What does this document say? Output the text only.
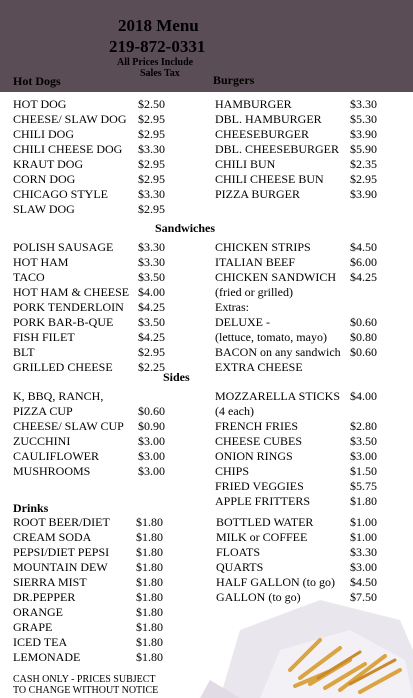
2018 Menu
219-872-0331
All Prices Include
Sales Tax
Hot Dogs	Burgers
Sandwiches
Sides
Drinks
HOT DOG	$2.50
CHEESE/ SLAW DOG $2.95
CHILI DOG	$2.95
CHILI CHEESE DOG $3.30
KRAUT DOG	$2.95
CORN DOG	$2.95
CHICAGO STYLE	$3.30
SLAW DOG	$2.95
HAMBURGER	$3.30
DBL. HAMBURGER $5.30
CHEESEBURGER	$3.90
DBL. CHEESEBURGER $5.90
CHILI BUN	$2.35
CHILI CHEESE BUN $2.95
PIZZA BURGER	$3.90
POLISH SAUSAGE $3.30
HOT HAM	$3.30
TACO	$3.50
HOT HAM & CHEESE $4.00
PORK TENDERLOIN $4.25
PORK BAR-B-QUE $3.50
FISH FILET	$4.25
BLT	$2.95
GRILLED CHEESE $2.25
CHICKEN STRIPS	$4.50
ITALIAN BEEF	$6.00
CHICKEN SANDWICH $4.25
(fried or grilled)
Extras:
DELUXE -	$0.60
(lettuce, tomato, mayo) $0.80
BACON on any sandwich $0.60
EXTRA CHEESE
K, BBQ, RANCH,
PIZZA CUP	$0.60
CHEESE/ SLAW CUP $0.90
ZUCCHINI	$3.00
CAULIFLOWER	$3.00
MUSHROOMS	$3.00
MOZZARELLA STICKS $4.00
(4 each)
FRENCH FRIES	$2.80
CHEESE CUBES	$3.50
ONION RINGS	$3.00
CHIPS	$1.50
FRIED VEGGIES	$5.75
APPLE FRITTERS	$1.80
ROOT BEER/DIET $1.80
CREAM SODA	$1.80
PEPSI/DIET PEPSI $1.80
MOUNTAIN DEW $1.80
SIERRA MIST	$1.80
DR.PEPPER	$1.80
ORANGE	$1.80
GRAPE	$1.80
ICED TEA	$1.80
LEMONADE	$1.80
BOTTLED WATER	$1.00
MILK or COFFEE	$1.00
FLOATS	$3.30
QUARTS	$3.00
HALF GALLON (to go) $4.50
GALLON (to go)	$7.50
CASH ONLY - PRICES SUBJECT
TO CHANGE WITHOUT NOTICE
